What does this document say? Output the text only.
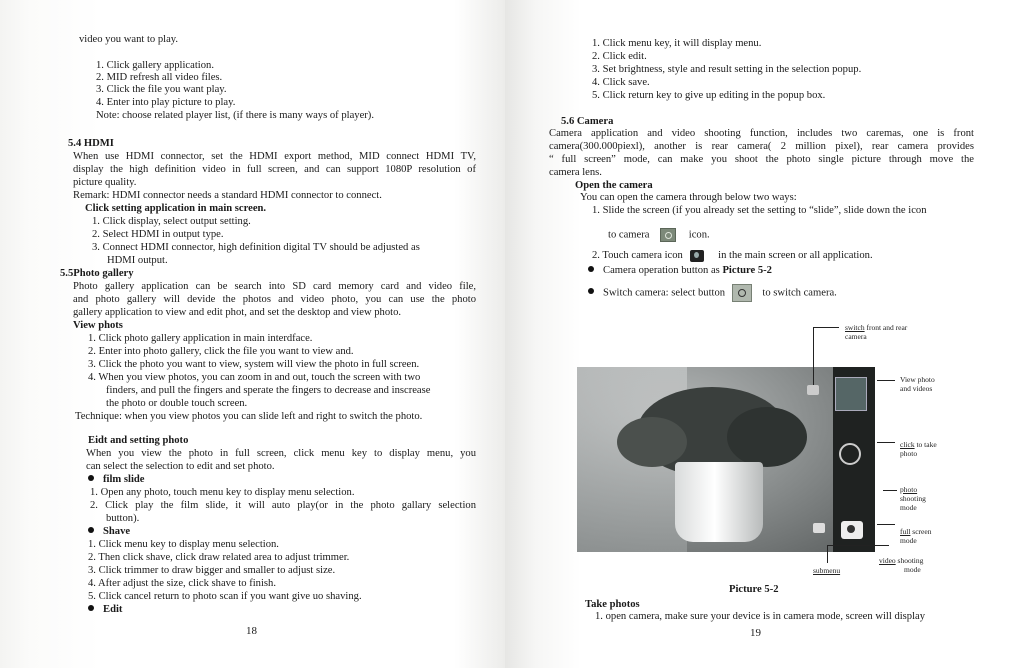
video you want to play.
1. Click gallery application.
2. MID refresh all video files.
3. Click the file you want play.
4. Enter into play picture to play.
Note: choose related player list, (if there is many ways of player).
5.4 HDMI
When use HDMI connector, set the HDMI export method, MID connect HDMI TV,
display the high definition video in full screen, and can support 1080P resolution of
picture quality.
Remark: HDMI connector needs a standard HDMI connector to connect.
Click setting application in main screen.
1. Click display, select output setting.
2. Select HDMI in output type.
3. Connect HDMI connector, high definition digital TV should be adjusted as
HDMI output.
5.5Photo gallery
Photo gallery application can be search into SD card memory card and video file,
and photo gallery will devide the photos and video photo, you can use the photo
gallery application to view and edit phot, and set the desktop and view photo.
View phots
1. Click photo gallery application in main interdface.
2. Enter into photo gallery, click the file you want to view and.
3. Click the photo you want to view, system will view the photo in full screen.
4. When you view photos, you can zoom in and out, touch the screen with two
finders, and pull the fingers and sperate the fingers to decrease and inscrease
the photo or double touch screen.
Technique: when you view photos you can slide left and right to switch the photo.
Eidt and setting photo
When you view the photo in full screen, click menu key to display menu, you
can select the selection to edit and set photo.
film slide
1. Open any photo, touch menu key to display menu selection.
2. Click play the film slide, it will auto play(or in the photo gallary selection
button).
Shave
1. Click menu key to display menu selection.
2. Then click shave, click draw related area to adjust trimmer.
3. Click trimmer to draw bigger and smaller to adjust size.
4. After adjust the size, click shave to finish.
5. Click cancel return to photo scan if you want give uo shaving.
Edit
18
1. Click menu key, it will display menu.
2. Click edit.
3. Set brightness, style and result setting in the selection popup.
4. Click save.
5. Click return key to give up editing in the popup box.
5.6 Camera
Camera application and video shooting function, includes two caremas, one is front
camera(300.000piexl), another is rear camera( 2 million pixel), rear camera provides
“ full screen” mode, can make you shoot the photo single picture through move the
camera lens.
Open the camera
You can open the camera through below two ways:
1. Slide the screen (if you already set the setting to “slide”, slide down the icon
to camera	icon.
2. Touch camera icon	in the main screen or all application.
Camera operation button as Picture 5-2
Switch camera: select button	to switch camera.
switch front and rear
camera
View photo
and videos
click to take
photo
photo
shooting
mode
full screen
mode
video shooting
mode
submenu
Picture 5-2
Take photos
1. open camera, make sure your device is in camera mode, screen will display
19
